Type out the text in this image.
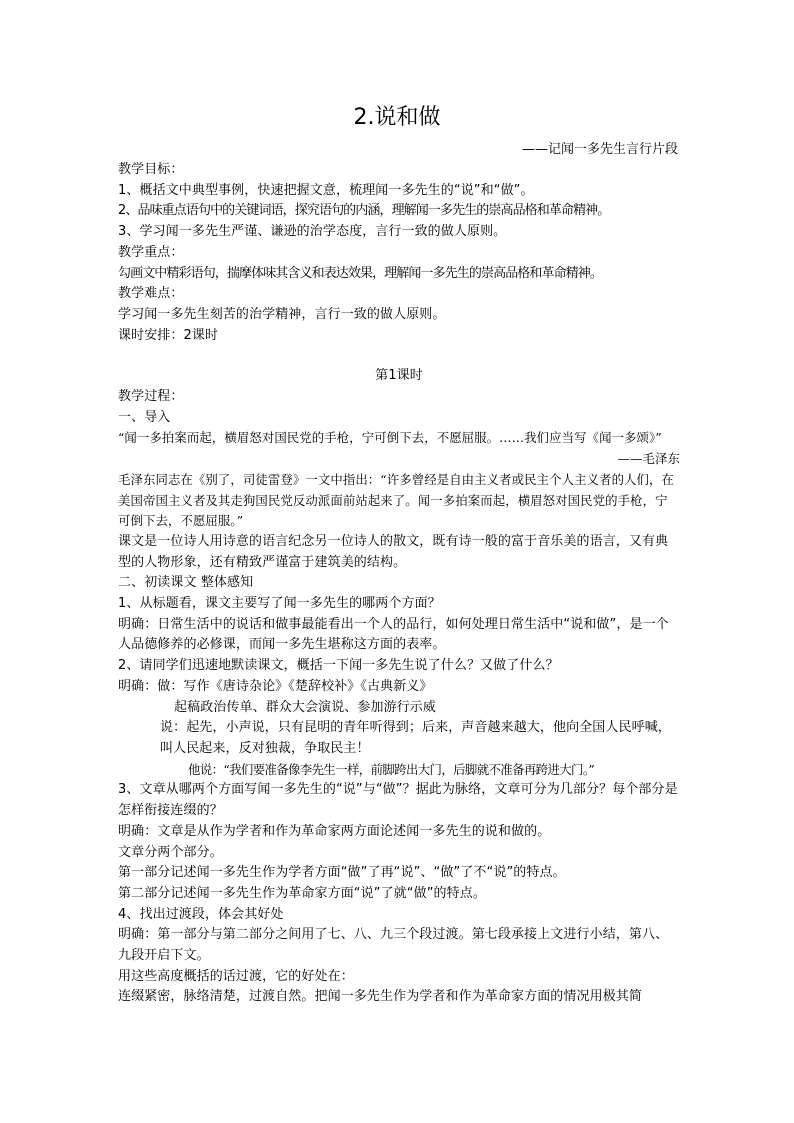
2.说和做
——记闻一多先生言行片段

教学目标：

1、概括文中典型事例，快速把握文意，梳理闻一多先生的“说”和“做”。

2、品味重点语句中的关键词语，探究语句的内涵，理解闻一多先生的崇高品格和革命精神。

3、学习闻一多先生严谨、谦逊的治学态度，言行一致的做人原则。

教学重点：

勾画文中精彩语句，揣摩体味其含义和表达效果，理解闻一多先生的崇高品格和革命精神。

教学难点：

学习闻一多先生刻苦的治学精神，言行一致的做人原则。

课时安排：2课时

第1课时

教学过程：

一、导入

“闻一多拍案而起，横眉怒对国民党的手枪，宁可倒下去，不愿屈服。……我们应当写《闻一多颂》”

——毛泽东

毛泽东同志在《别了，司徒雷登》一文中指出：“许多曾经是自由主义者或民主个人主义者的人们，在美国帝国主义者及其走狗国民党反动派面前站起来了。闻一多拍案而起，横眉怒对国民党的手枪，宁可倒下去，不愿屈服。”

课文是一位诗人用诗意的语言纪念另一位诗人的散文，既有诗一般的富于音乐美的语言，又有典型的人物形象，还有精致严谨富于建筑美的结构。

二、初读课文 整体感知

1、从标题看，课文主要写了闻一多先生的哪两个方面？

明确：日常生活中的说话和做事最能看出一个人的品行，如何处理日常生活中“说和做”，是一个人品德修养的必修课，而闻一多先生堪称这方面的表率。

2、请同学们迅速地默读课文，概括一下闻一多先生说了什么？又做了什么？

明确：做：写作《唐诗杂论》《楚辞校补》《古典新义》

起稿政治传单、群众大会演说、参加游行示威

说：起先，小声说，只有昆明的青年听得到；后来，声音越来越大，他向全国人民呼喊，叫人民起来，反对独裁，争取民主！

他说：“我们要准备像李先生一样，前脚跨出大门，后脚就不准备再跨进大门。”

3、文章从哪两个方面写闻一多先生的“说”与“做”？据此为脉络，文章可分为几部分？每个部分是怎样衔接连缀的？

明确：文章是从作为学者和作为革命家两方面论述闻一多先生的说和做的。

文章分两个部分。

第一部分记述闻一多先生作为学者方面“做”了再“说”、“做”了不“说”的特点。

第二部分记述闻一多先生作为革命家方面“说”了就“做”的特点。

4、找出过渡段，体会其好处

明确：第一部分与第二部分之间用了七、八、九三个段过渡。第七段承接上文进行小结，第八、九段开启下文。

用这些高度概括的话过渡，它的好处在：

连缀紧密，脉络清楚，过渡自然。把闻一多先生作为学者和作为革命家方面的情况用极其简
